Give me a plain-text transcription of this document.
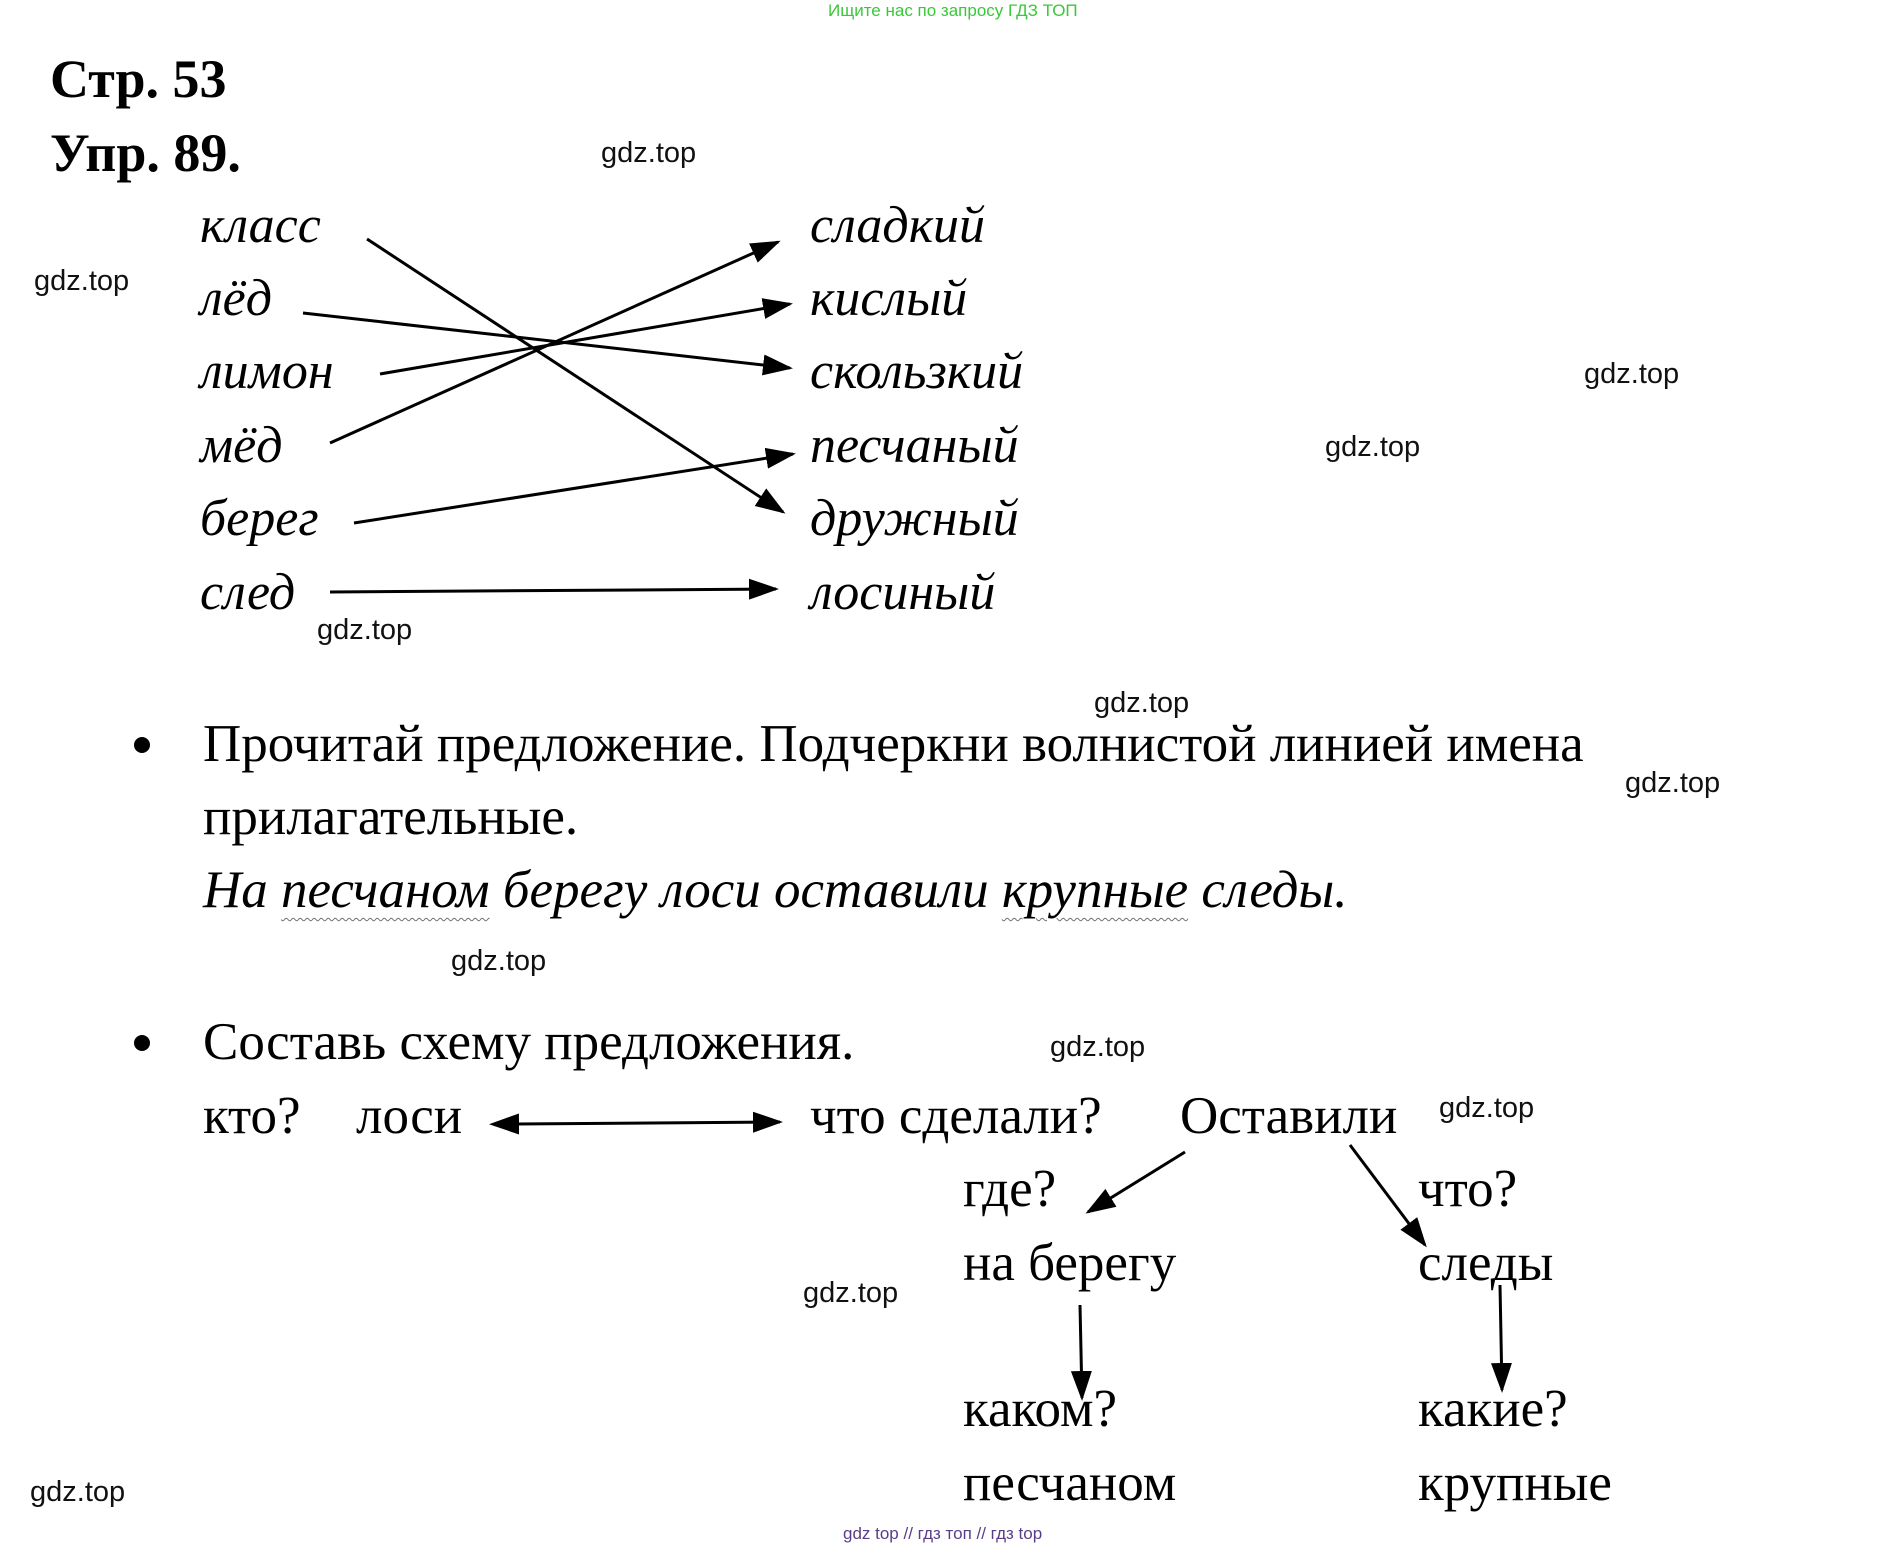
Ищите нас по запросу ГДЗ ТОП
Стр. 53
Упр. 89.
класс
лёд
лимон
мёд
берег
след
сладкий
кислый
скользкий
песчаный
дружный
лосиный
Прочитай предложение. Подчеркни волнистой линией имена
прилагательные.
На песчаном берегу лоси оставили крупные следы.
Составь схему предложения.
кто? лоси	что сделали? Оставили
где?
на берегу
что?
следы
каком?
песчаном
какие?
крупные
gdz.top
gdz.top
gdz.top
gdz.top
gdz.top
gdz.top
gdz.top
gdz.top
gdz.top
gdz.top
gdz.top
gdz.top
gdz top // гдз топ // гдз top
